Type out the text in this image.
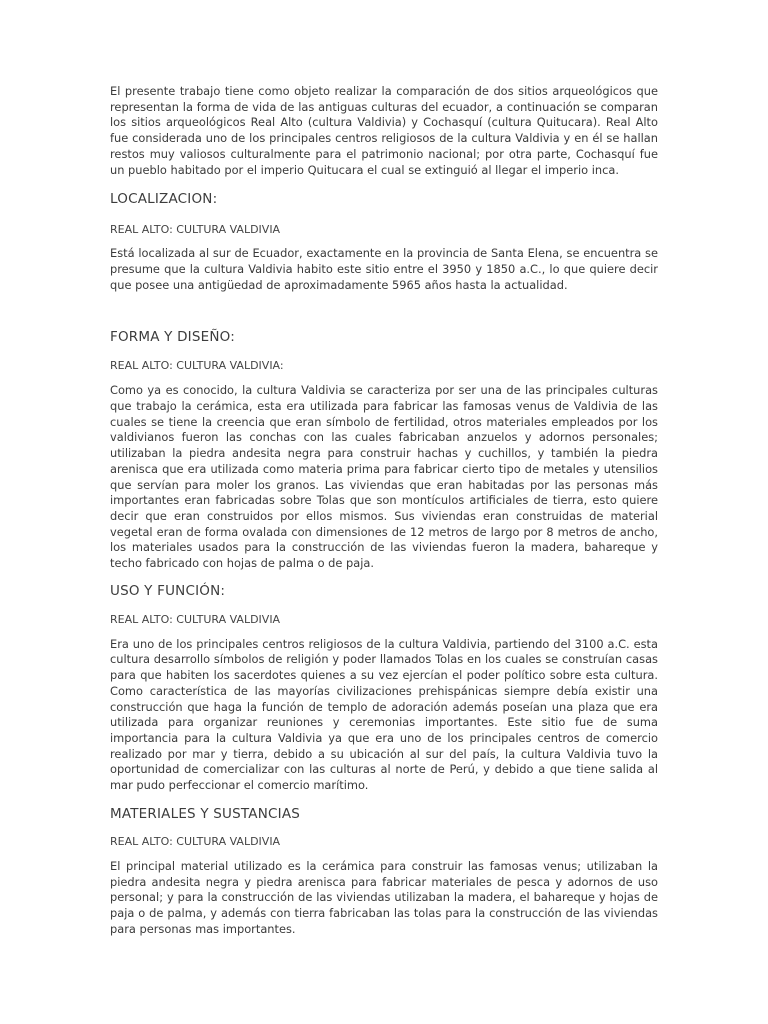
El presente trabajo tiene como objeto realizar la comparación de dos sitios arqueológicos que representan la forma de vida de las antiguas culturas del ecuador, a continuación se comparan los sitios arqueológicos Real Alto (cultura Valdivia) y Cochasquí (cultura Quitucara). Real Alto fue considerada uno de los principales centros religiosos de la cultura Valdivia y en él se hallan restos muy valiosos culturalmente para el patrimonio nacional; por otra parte, Cochasquí fue un pueblo habitado por el imperio Quitucara el cual se extinguió al llegar el imperio inca.

LOCALIZACION:
REAL ALTO: CULTURA VALDIVIA

Está localizada al sur de Ecuador, exactamente en la provincia de Santa Elena, se encuentra se presume que la cultura Valdivia habito este sitio entre el 3950 y 1850 a.C., lo que quiere decir que posee una antigüedad de aproximadamente 5965 años hasta la actualidad.

FORMA Y DISEÑO:
REAL ALTO: CULTURA VALDIVIA:

Como ya es conocido, la cultura Valdivia se caracteriza por ser una de las principales culturas que trabajo la cerámica, esta era utilizada para fabricar las famosas venus de Valdivia de las cuales se tiene la creencia que eran símbolo de fertilidad, otros materiales empleados por los valdivianos fueron las conchas con las cuales fabricaban anzuelos y adornos personales; utilizaban la piedra andesita negra para construir hachas y cuchillos, y también la piedra arenisca que era utilizada como materia prima para fabricar cierto tipo de metales y utensilios que servían para moler los granos. Las viviendas que eran habitadas por las personas más importantes eran fabricadas sobre Tolas que son montículos artificiales de tierra, esto quiere decir que eran construidos por ellos mismos. Sus viviendas eran construidas de material vegetal eran de forma ovalada con dimensiones de 12 metros de largo por 8 metros de ancho, los materiales usados para la construcción de las viviendas fueron la madera, bahareque y techo fabricado con hojas de palma o de paja.

USO Y FUNCIÓN:
REAL ALTO: CULTURA VALDIVIA

Era uno de los principales centros religiosos de la cultura Valdivia, partiendo del 3100 a.C. esta cultura desarrollo símbolos de religión y poder llamados Tolas en los cuales se construían casas para que habiten los sacerdotes quienes a su vez ejercían el poder político sobre esta cultura. Como característica de las mayorías civilizaciones prehispánicas siempre debía existir una construcción que haga la función de templo de adoración además poseían una plaza que era utilizada para organizar reuniones y ceremonias importantes. Este sitio fue de suma importancia para la cultura Valdivia ya que era uno de los principales centros de comercio realizado por mar y tierra, debido a su ubicación al sur del país, la cultura Valdivia tuvo la oportunidad de comercializar con las culturas al norte de Perú, y debido a que tiene salida al mar pudo perfeccionar el comercio marítimo.

MATERIALES Y SUSTANCIAS
REAL ALTO: CULTURA VALDIVIA

El principal material utilizado es la cerámica para construir las famosas venus; utilizaban la piedra andesita negra y piedra arenisca para fabricar materiales de pesca y adornos de uso personal; y para la construcción de las viviendas utilizaban la madera, el bahareque y hojas de paja o de palma, y además con tierra fabricaban las tolas para la construcción de las viviendas para personas mas importantes.
